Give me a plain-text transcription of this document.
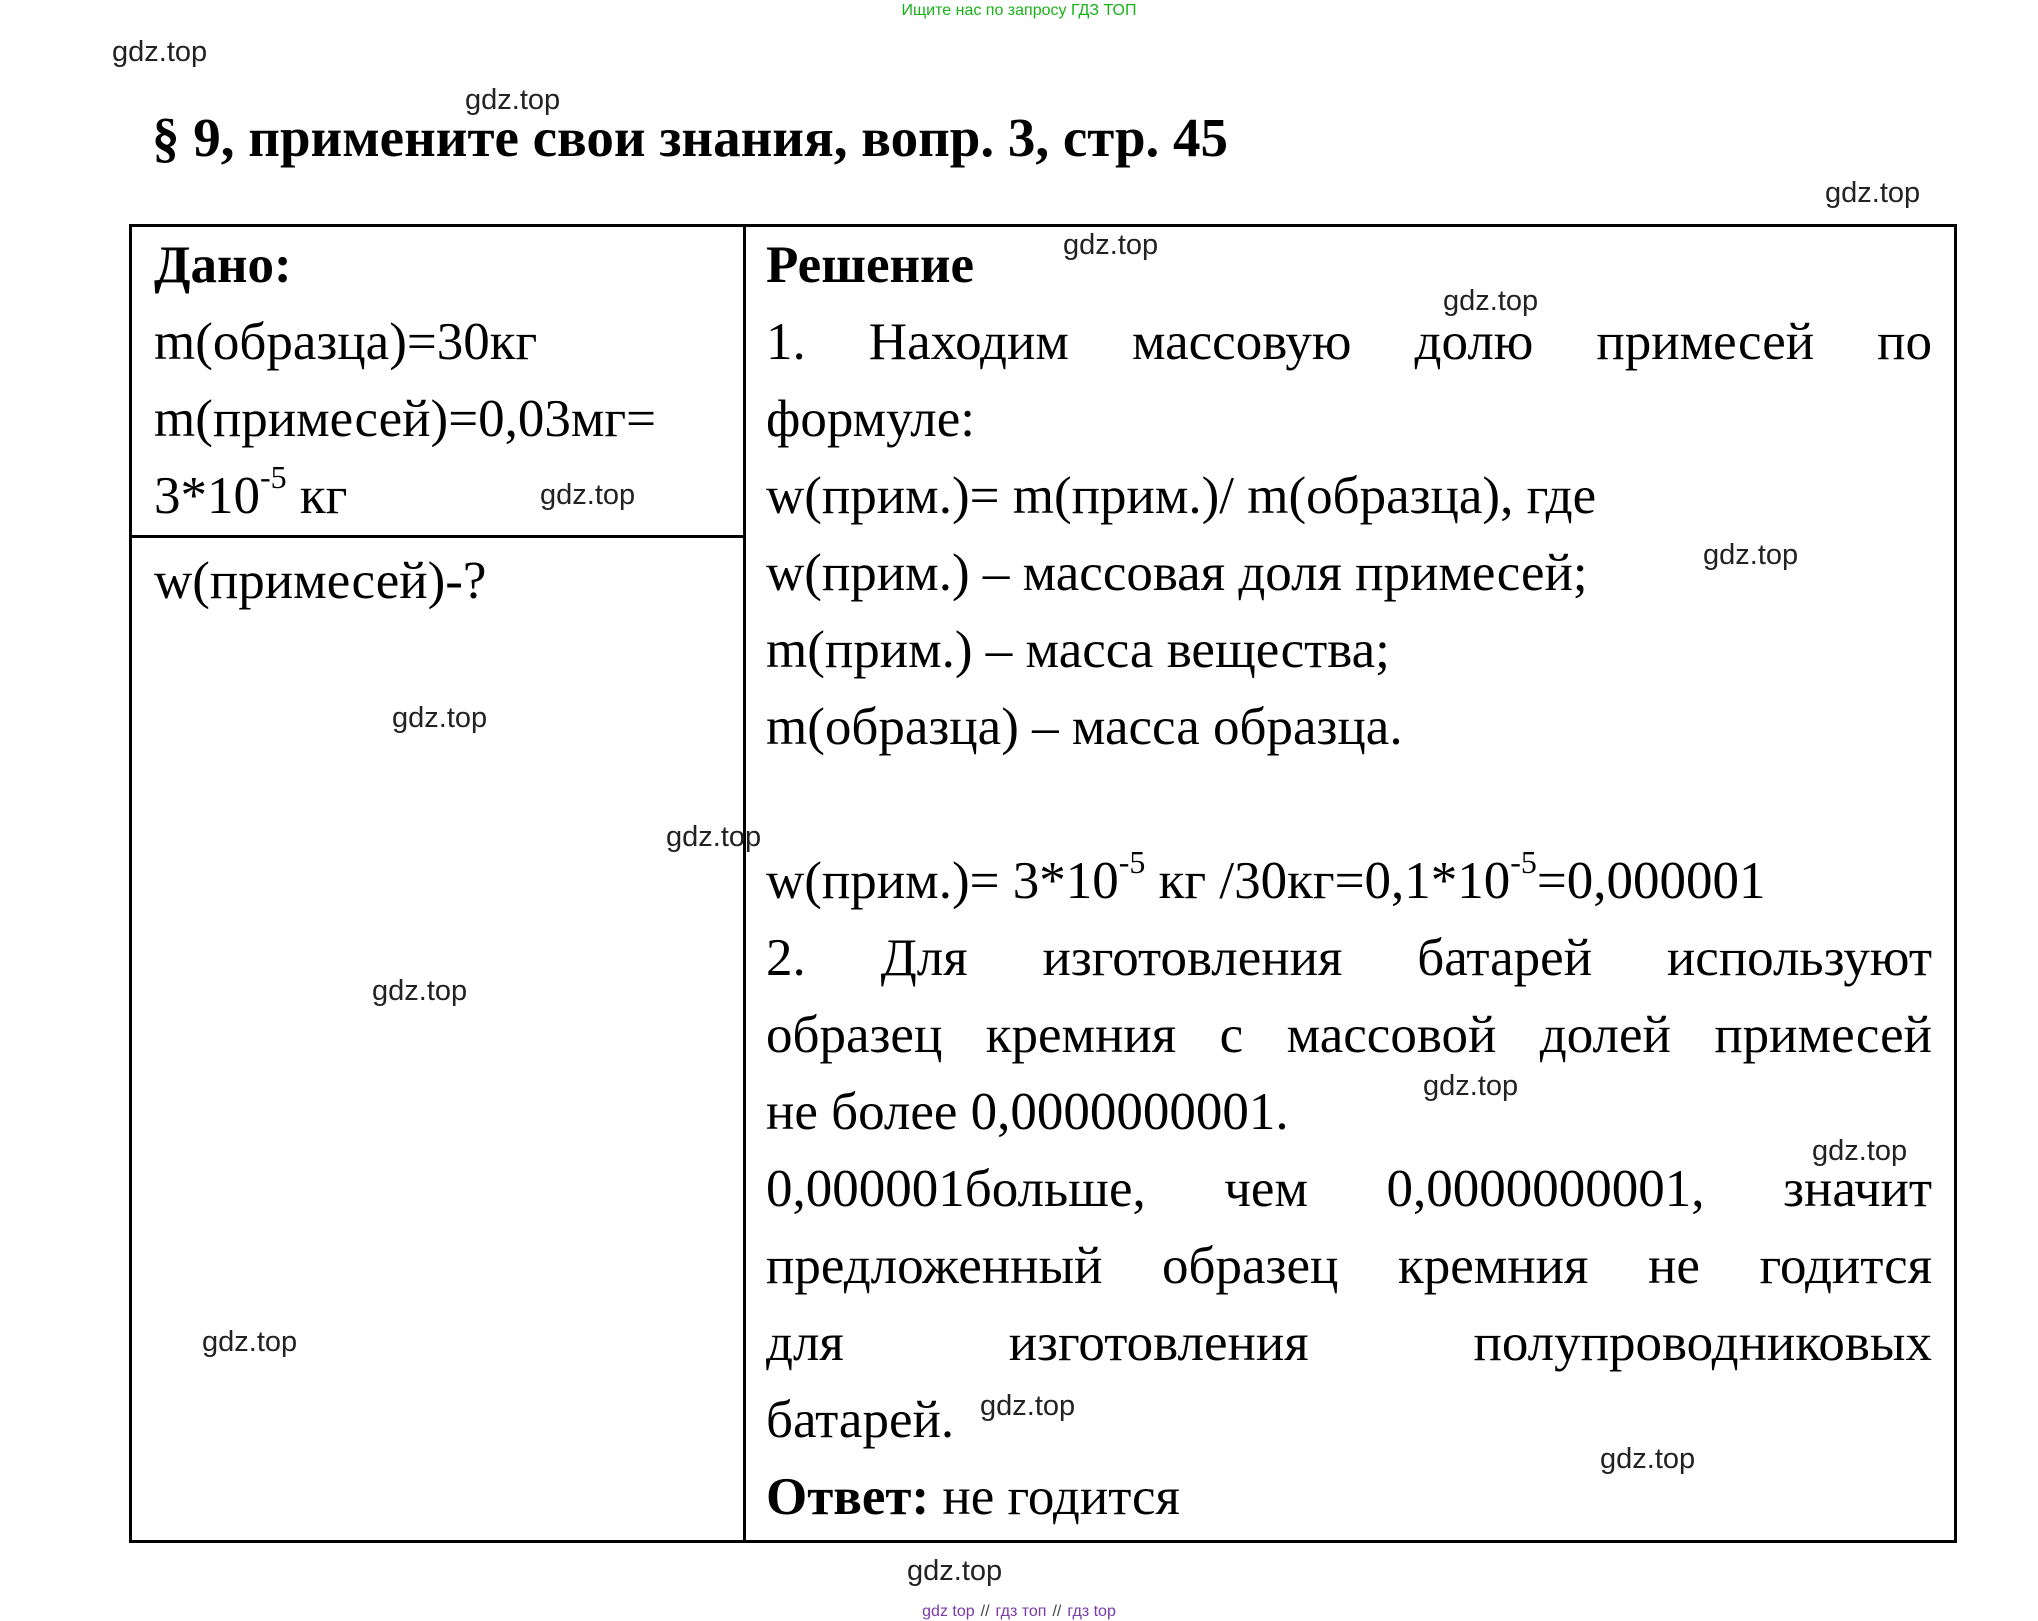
Ищите нас по запросу ГДЗ ТОП
§ 9, примените свои знания, вопр. 3, стр. 45
Дано:
m(образца)=30кг
m(примесей)=0,03мг=
$3*10^{-5}$ кг
w(примесей)-?
Решение
1. Находим массовую долю примесей по
формуле:
w(прим.)= m(прим.)/ m(образца), где
w(прим.) – массовая доля примесей;
m(прим.) – масса вещества;
m(образца) – масса образца.
w(прим.)= $3*10^{-5}$ кг $/30кг=0,1*10^{-5}=0,000001$
2. Для изготовления батарей используют
образец кремния с массовой долей примесей
не более 0,0000000001.
0,000001больше, чем 0,0000000001, значит
предложенный образец кремния не годится
для изготовления полупроводниковых
батарей.
Ответ: не годится
gdz.top
gdz.top
gdz.top
gdz.top
gdz.top
gdz.top
gdz.top
gdz.top
gdz.top
gdz.top
gdz.top
gdz.top
gdz.top
gdz.top
gdz.top
gdz.top
gdz top // гдз топ // гдз top
